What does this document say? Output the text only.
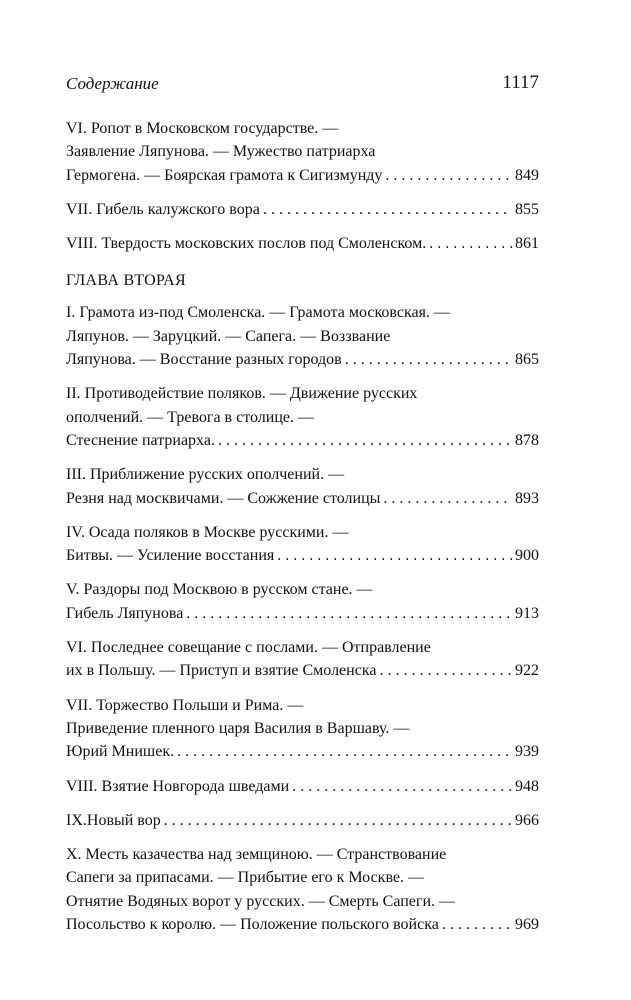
Содержание	1117
VI. Ропот в Московском государстве. —
Заявление Ляпунова. — Мужество патриарха
Гермогена. — Боярская грамота к Сигизмунду . . .	849
VII. Гибель калужского вора . . .	855
VIII. Твердость московских послов под Смоленском. . . .	861
ГЛАВА ВТОРАЯ
I. Грамота из-под Смоленска. — Грамота московская. —
Ляпунов. — Заруцкий. — Сапега. — Воззвание
Ляпунова. — Восстание разных городов . . .	865
II. Противодействие поляков. — Движение русских
ополчений. — Тревога в столице. —
Стеснение патриарха. . . .	878
III. Приближение русских ополчений. —
Резня над москвичами. — Сожжение столицы . . .	893
IV. Осада поляков в Москве русскими. —
Битвы. — Усиление восстания . . .	900
V. Раздоры под Москвою в русском стане. —
Гибель Ляпунова . . .	913
VI. Последнее совещание с послами. — Отправление
их в Польшу. — Приступ и взятие Смоленска . . .	922
VII. Торжество Польши и Рима. —
Приведение пленного царя Василия в Варшаву. —
Юрий Мнишек. . . .	939
VIII. Взятие Новгорода шведами . . .	948
IX.Новый вор . . .	966
X. Месть казачества над земщиною. — Странствование
Сапеги за припасами. — Прибытие его к Москве. —
Отнятие Водяных ворот у русских. — Смерть Сапеги. —
Посольство к королю. — Положение польского войска . . .	969
